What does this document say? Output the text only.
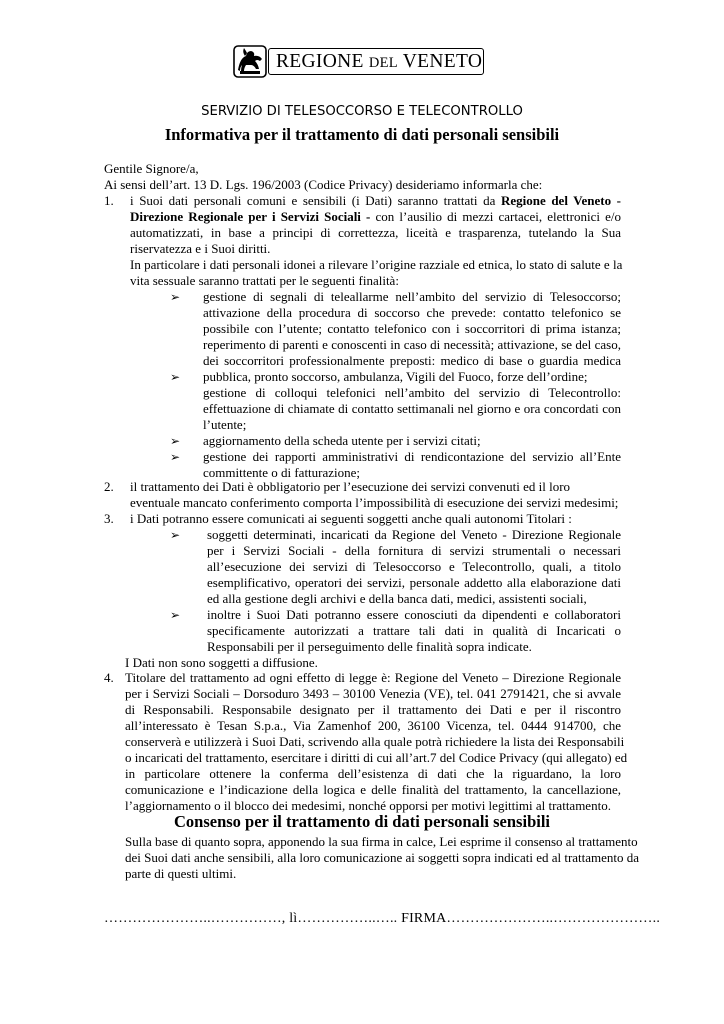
REGIONE DEL VENETO
SERVIZIO DI TELESOCCORSO E TELECONTROLLO
Informativa per il trattamento di dati personali sensibili
Gentile Signore/a,
Ai sensi dell’art. 13 D. Lgs. 196/2003 (Codice Privacy) desideriamo informarla che:
1. i Suoi dati personali comuni e sensibili (i Dati) saranno trattati da Regione del Veneto -
Direzione Regionale per i Servizi Sociali - con l’ausilio di mezzi cartacei, elettronici e/o
automatizzati, in base a principi di correttezza, liceità e trasparenza, tutelando la Sua
riservatezza e i Suoi diritti.
In particolare i dati personali idonei a rilevare l’origine razziale ed etnica, lo stato di salute e la
vita sessuale saranno trattati per le seguenti finalità:
➢ gestione di segnali di teleallarme nell’ambito del servizio di Telesoccorso;
attivazione della procedura di soccorso che prevede: contatto telefonico se
possibile con l’utente; contatto telefonico con i soccorritori di prima istanza;
reperimento di parenti e conoscenti in caso di necessità; attivazione, se del caso,
dei soccorritori professionalmente preposti: medico di base o guardia medica
pubblica, pronto soccorso, ambulanza, Vigili del Fuoco, forze dell’ordine;
➢
gestione di colloqui telefonici nell’ambito del servizio di Telecontrollo:
effettuazione di chiamate di contatto settimanali nel giorno e ora concordati con
l’utente;
➢ aggiornamento della scheda utente per i servizi citati;
➢ gestione dei rapporti amministrativi di rendicontazione del servizio all’Ente
committente o di fatturazione;
2. il trattamento dei Dati è obbligatorio per l’esecuzione dei servizi convenuti ed il loro
eventuale mancato conferimento comporta l’impossibilità di esecuzione dei servizi medesimi;
3. i Dati potranno essere comunicati ai seguenti soggetti anche quali autonomi Titolari :
➢ soggetti determinati, incaricati da Regione del Veneto - Direzione Regionale
per i Servizi Sociali - della fornitura di servizi strumentali o necessari
all’esecuzione dei servizi di Telesoccorso e Telecontrollo, quali, a titolo
esemplificativo, operatori dei servizi, personale addetto alla elaborazione dati
ed alla gestione degli archivi e della banca dati, medici, assistenti sociali,
➢ inoltre i Suoi Dati potranno essere conosciuti da dipendenti e collaboratori
specificamente autorizzati a trattare tali dati in qualità di Incaricati o
Responsabili per il perseguimento delle finalità sopra indicate.
I Dati non sono soggetti a diffusione.
4. Titolare del trattamento ad ogni effetto di legge è: Regione del Veneto – Direzione Regionale
per i Servizi Sociali – Dorsoduro 3493 – 30100 Venezia (VE), tel. 041 2791421, che si avvale
di Responsabili. Responsabile designato per il trattamento dei Dati e per il riscontro
all’interessato è Tesan S.p.a., Via Zamenhof 200, 36100 Vicenza, tel. 0444 914700, che
conserverà e utilizzerà i Suoi Dati, scrivendo alla quale potrà richiedere la lista dei Responsabili
o incaricati del trattamento, esercitare i diritti di cui all’art.7 del Codice Privacy (qui allegato) ed
in particolare ottenere la conferma dell’esistenza di dati che la riguardano, la loro
comunicazione e l’indicazione della logica e delle finalità del trattamento, la cancellazione,
l’aggiornamento o il blocco dei medesimi, nonché opporsi per motivi legittimi al trattamento.
Consenso per il trattamento di dati personali sensibili
Sulla base di quanto sopra, apponendo la sua firma in calce, Lei esprime il consenso al trattamento
dei Suoi dati anche sensibili, alla loro comunicazione ai soggetti sopra indicati ed al trattamento da
parte di questi ultimi.
…………………..……………, lì……………..….. FIRMA…………………..…………………..
